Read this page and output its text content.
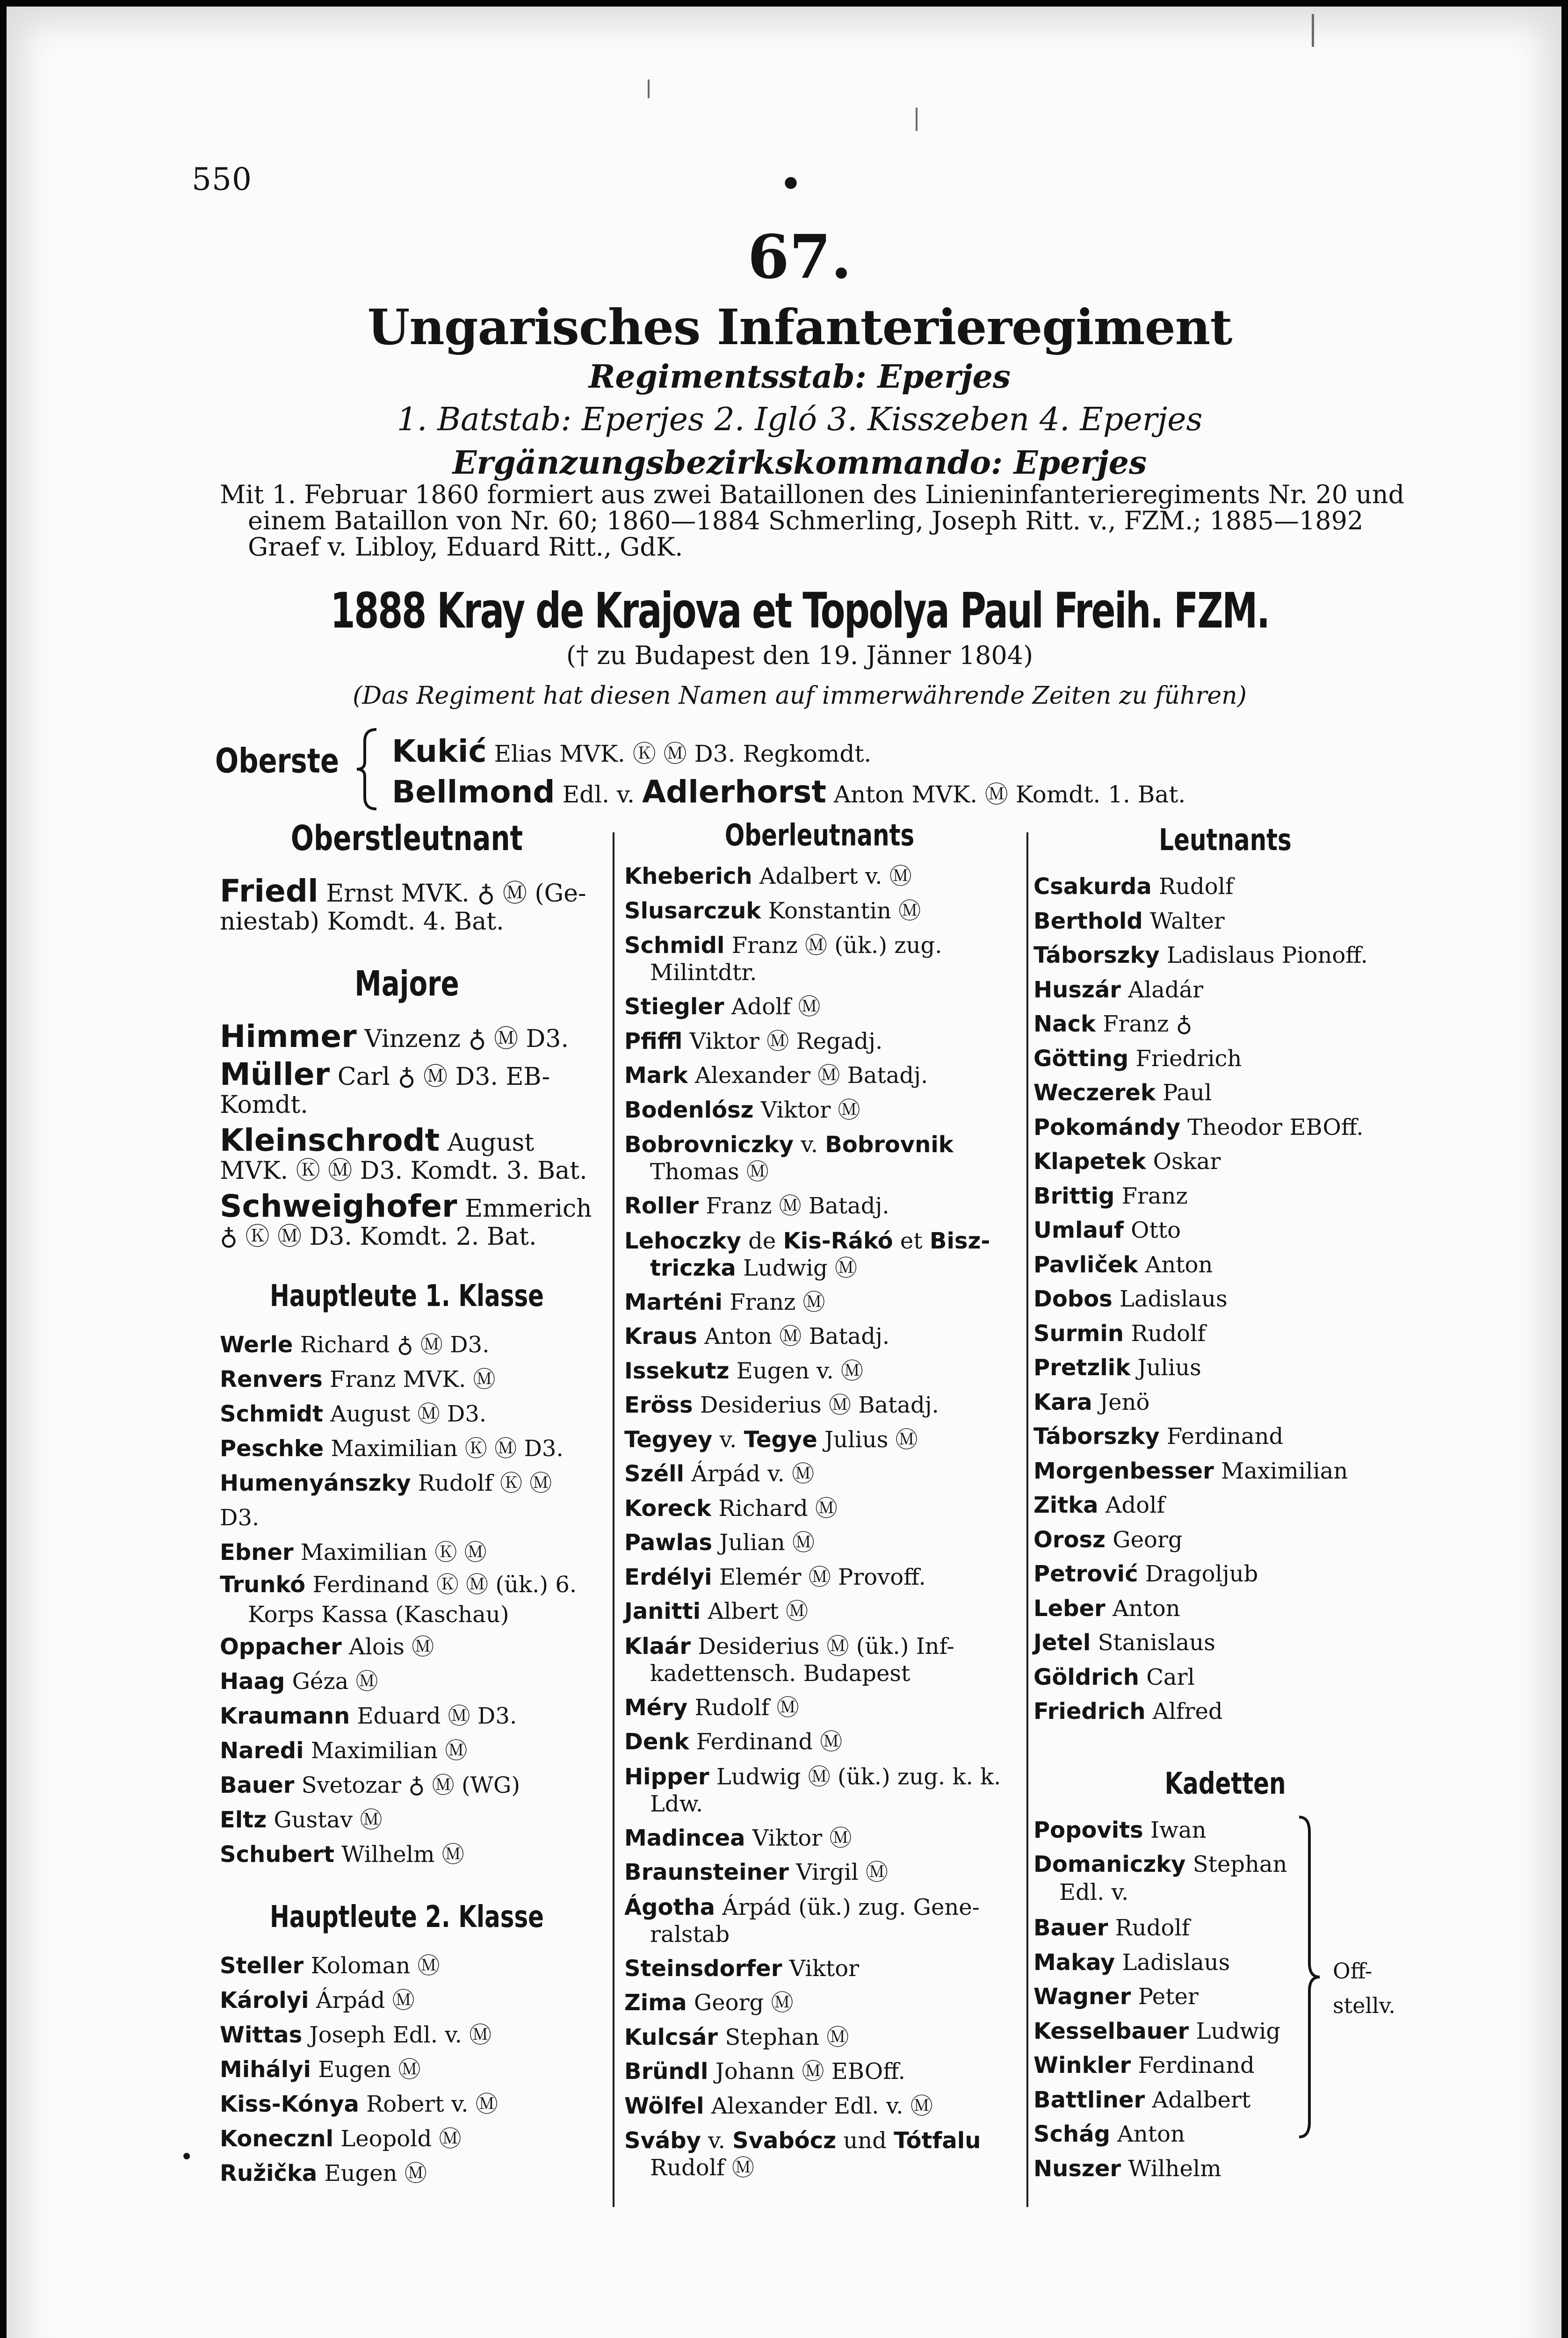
550	•
67.
Ungarisches Infanterieregiment
Regimentsstab: Eperjes
1. Batstab: Eperjes 2. Igló 3. Kisszeben 4. Eperjes
Ergänzungsbezirkskommando: Eperjes
Mit 1. Februar 1860 formiert aus zwei Bataillonen des Linieninfanterieregiments Nr. 20 und
einem Bataillon von Nr. 60; 1860—1884 Schmerling, Joseph Ritt. v., FZM.; 1885—1892
Graef v. Libloy, Eduard Ritt., GdK.
1888 Kray de Krajova et Topolya Paul Freih. FZM.
(† zu Budapest den 19. Jänner 1804)
(Das Regiment hat diesen Namen auf immerwährende Zeiten zu führen)
Oberste Kukić Elias MVK. Ⓚ Ⓜ D3. Regkomdt.
Bellmond Edl. v. Adlerhorst Anton MVK. Ⓜ Komdt. 1. Bat.
Oberstleutnant
Friedl Ernst MVK. ♁ Ⓜ (Ge-niestab) Komdt. 4. Bat.
Majore
Himmer Vinzenz ♁ Ⓜ D3.
Müller Carl ♁ Ⓜ D3. EB-Komdt.
Kleinschrodt August MVK. Ⓚ Ⓜ D3. Komdt. 3. Bat.
Schweighofer Emmerich ♁ Ⓚ Ⓜ D3. Komdt. 2. Bat.
Hauptleute 1. Klasse
Werle Richard ♁ Ⓜ D3.
Renvers Franz MVK. Ⓜ
Schmidt August Ⓜ D3.
Peschke Maximilian Ⓚ Ⓜ D3.
Humenyánszky Rudolf Ⓚ Ⓜ D3.
Ebner Maximilian Ⓚ Ⓜ
Trunkó Ferdinand Ⓚ Ⓜ (ük.) 6. Korps Kassa (Kaschau)
Oppacher Alois Ⓜ
Haag Géza Ⓜ
Kraumann Eduard Ⓜ D3.
Naredi Maximilian Ⓜ
Bauer Svetozar ♁ Ⓜ (WG)
Eltz Gustav Ⓜ
Schubert Wilhelm Ⓜ
Hauptleute 2. Klasse
Steller Koloman Ⓜ
Károlyi Árpád Ⓜ
Wittas Joseph Edl. v. Ⓜ
Mihályi Eugen Ⓜ
Kiss-Kónya Robert v. Ⓜ
Konecznl Leopold Ⓜ
Ružička Eugen Ⓜ
Oberleutnants
Kheberich Adalbert v. Ⓜ
Slusarczuk Konstantin Ⓜ
Schmidl Franz Ⓜ (ük.) zug. Milintdtr.
Stiegler Adolf Ⓜ
Pfiffl Viktor Ⓜ Regadj.
Mark Alexander Ⓜ Batadj.
Bodenlósz Viktor Ⓜ
Bobrovniczky v. Bobrovnik Thomas Ⓜ
Roller Franz Ⓜ Batadj.
Lehoczky de Kis-Rákó et Bisz-triczka Ludwig Ⓜ
Marténi Franz Ⓜ
Kraus Anton Ⓜ Batadj.
Issekutz Eugen v. Ⓜ
Eröss Desiderius Ⓜ Batadj.
Tegyey v. Tegye Julius Ⓜ
Széll Árpád v. Ⓜ
Koreck Richard Ⓜ
Pawlas Julian Ⓜ
Erdélyi Elemér Ⓜ Provoff.
Janitti Albert Ⓜ
Klaár Desiderius Ⓜ (ük.) Inf-kadettensch. Budapest
Méry Rudolf Ⓜ
Denk Ferdinand Ⓜ
Hipper Ludwig Ⓜ (ük.) zug. k. k. Ldw.
Madincea Viktor Ⓜ
Braunsteiner Virgil Ⓜ
Ágotha Árpád (ük.) zug. Gene-ralstab
Steinsdorfer Viktor
Zima Georg Ⓜ
Kulcsár Stephan Ⓜ
Bründl Johann Ⓜ EBOff.
Wölfel Alexander Edl. v. Ⓜ
Sváby v. Svabócz und Tótfalu Rudolf Ⓜ
Leutnants
Csakurda Rudolf
Berthold Walter
Táborszky Ladislaus Pionoff.
Huszár Aladár
Nack Franz ♁
Götting Friedrich
Weczerek Paul
Pokomándy Theodor EBOff.
Klapetek Oskar
Brittig Franz
Umlauf Otto
Pavliček Anton
Dobos Ladislaus
Surmin Rudolf
Pretzlik Julius
Kara Jenö
Táborszky Ferdinand
Morgenbesser Maximilian
Zitka Adolf
Orosz Georg
Petrović Dragoljub
Leber Anton
Jetel Stanislaus
Göldrich Carl
Friedrich Alfred
Kadetten
Popovits Iwan
Domaniczky Stephan Edl. v.
Bauer Rudolf
Makay Ladislaus
Wagner Peter
Kesselbauer Ludwig
Winkler Ferdinand
Battliner Adalbert
Schág Anton
Nuszer Wilhelm
Off-
stellv.
•
